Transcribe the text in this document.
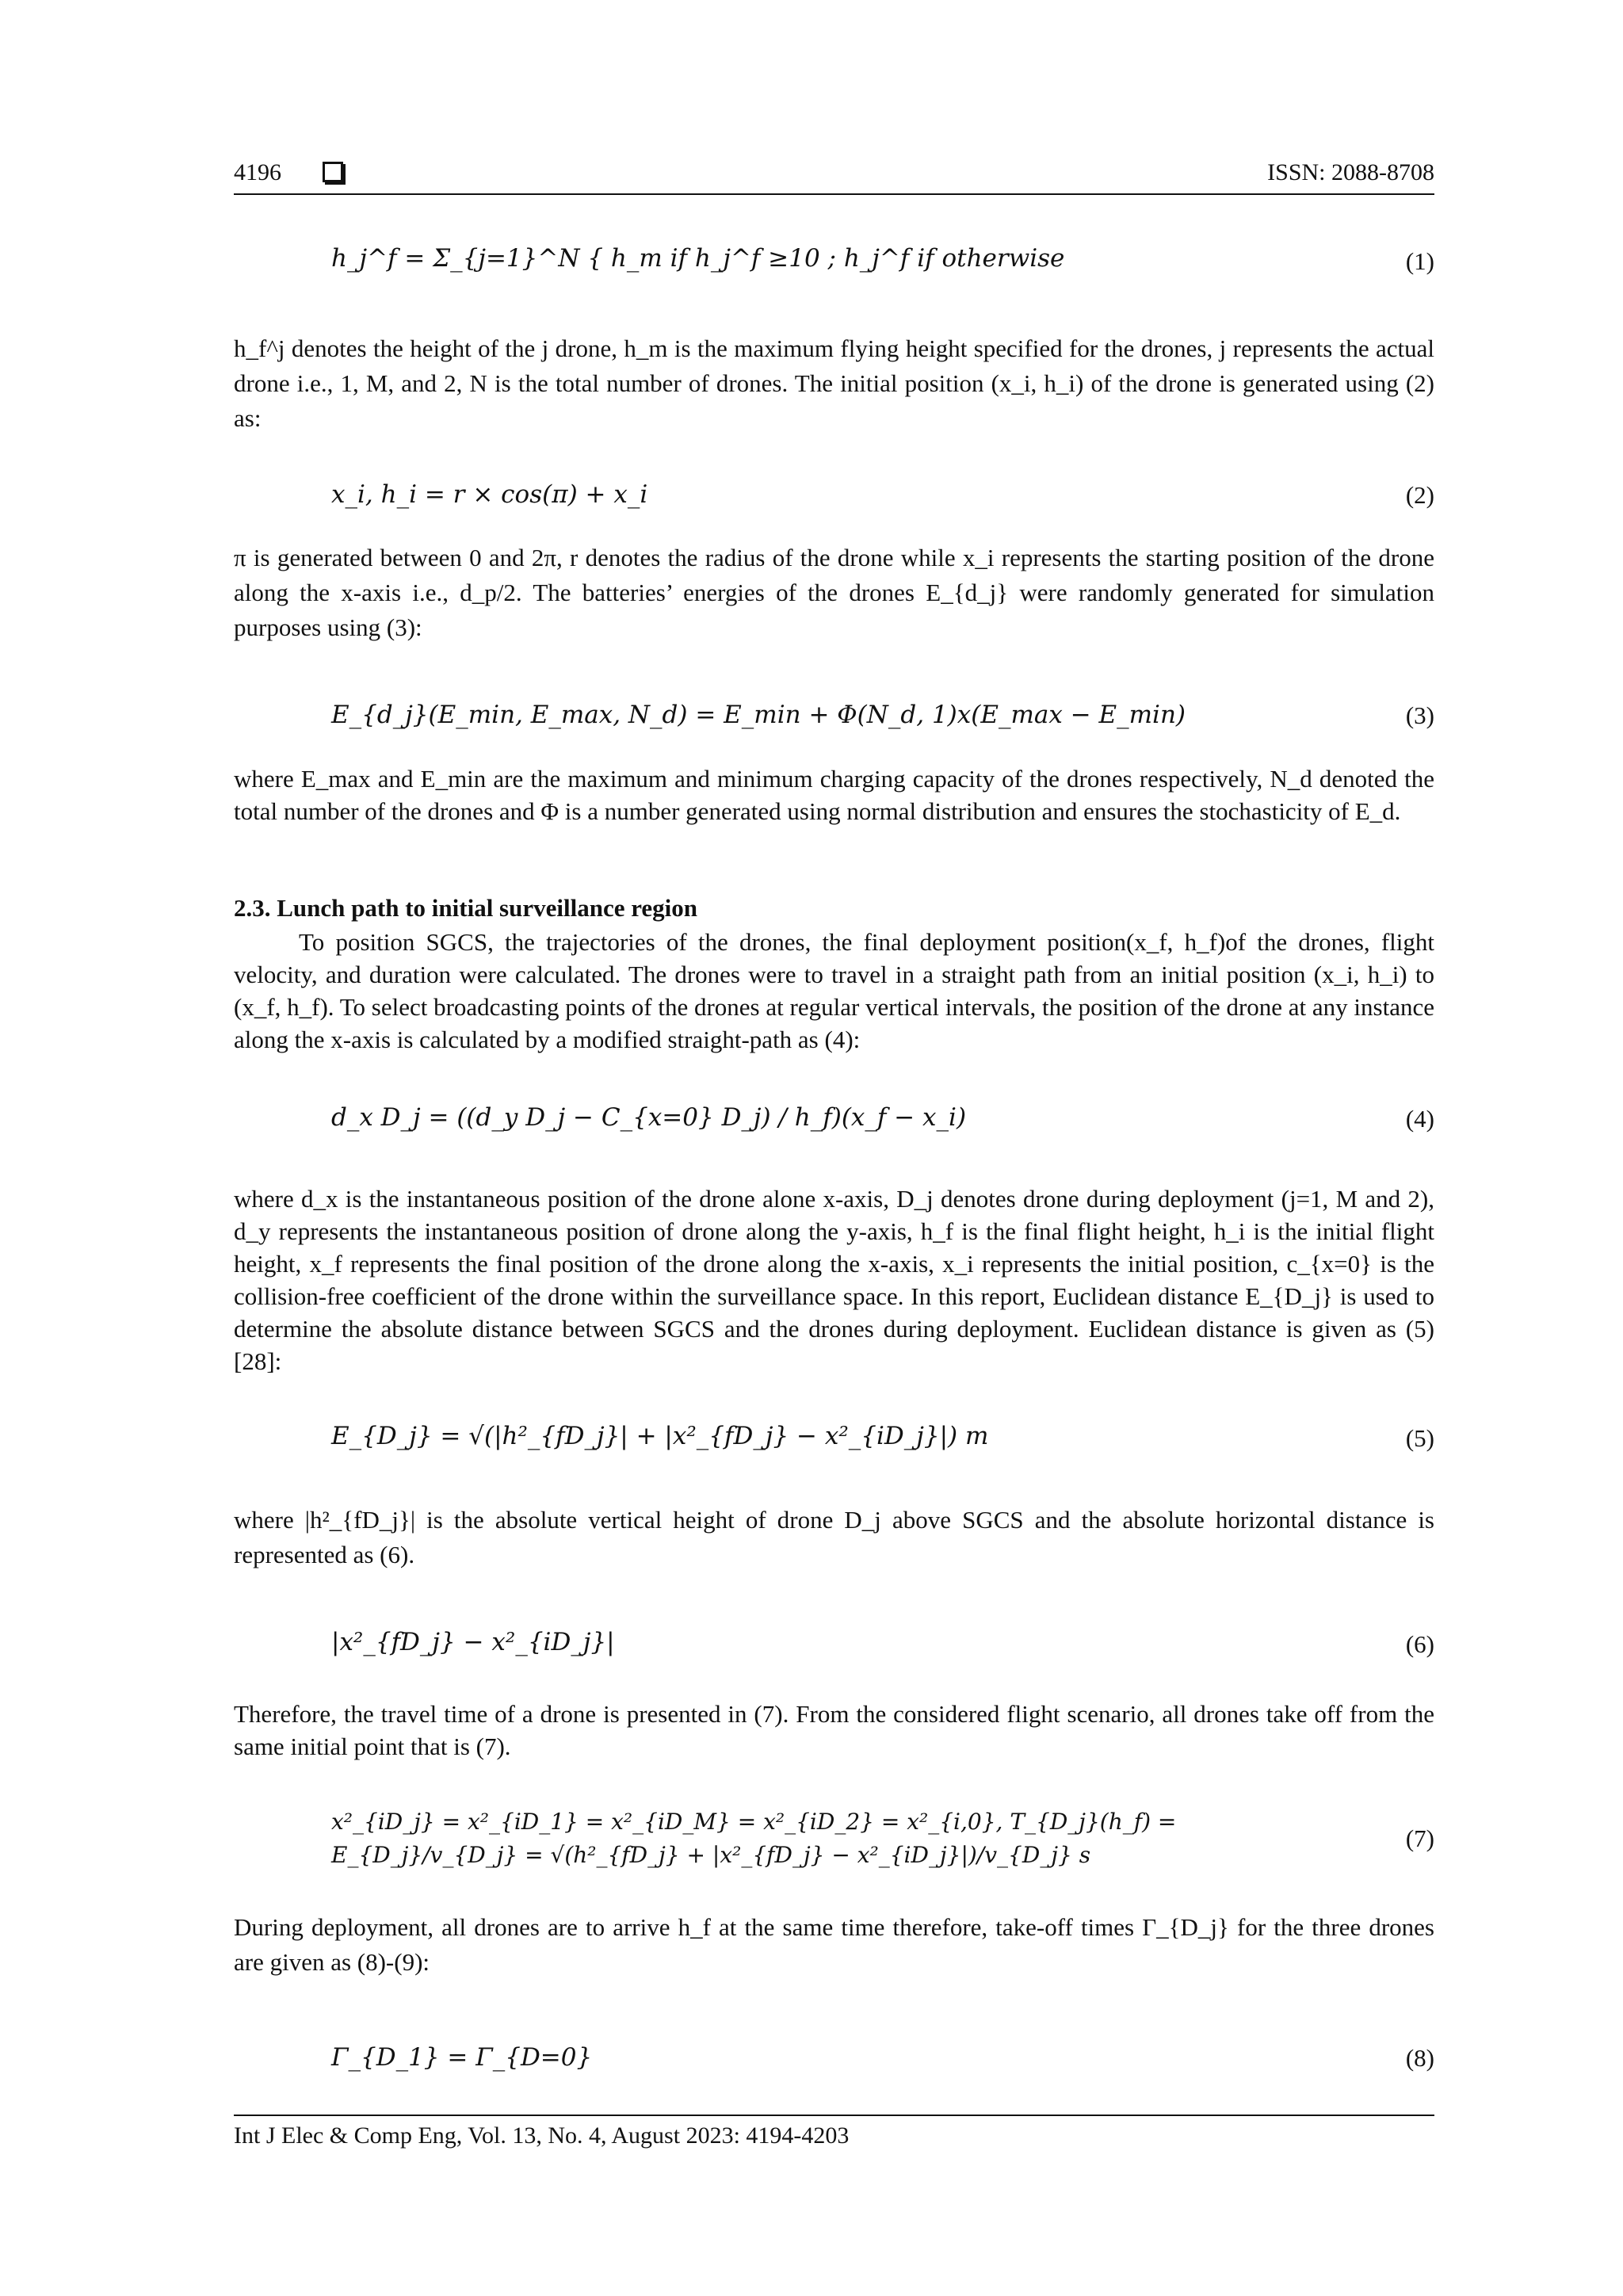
4196	ISSN: 2088-8708
h_j^f = Σ_{j=1}^N { h_m if h_j^f ≥10 ; h_j^f if otherwise	(1)
h_f^j denotes the height of the j drone, h_m is the maximum flying height specified for the drones, j represents the actual drone i.e., 1, M, and 2, N is the total number of drones. The initial position (x_i, h_i) of the drone is generated using (2) as:
x_i, h_i = r × cos(π) + x_i	(2)
π is generated between 0 and 2π, r denotes the radius of the drone while x_i represents the starting position of the drone along the x-axis i.e., d_p/2. The batteries’ energies of the drones E_{d_j} were randomly generated for simulation purposes using (3):
E_{d_j}(E_min, E_max, N_d) = E_min + Φ(N_d, 1)x(E_max − E_min)	(3)
where E_max and E_min are the maximum and minimum charging capacity of the drones respectively, N_d denoted the total number of the drones and Φ is a number generated using normal distribution and ensures the stochasticity of E_d.
2.3. Lunch path to initial surveillance region
To position SGCS, the trajectories of the drones, the final deployment position(x_f, h_f)of the drones, flight velocity, and duration were calculated. The drones were to travel in a straight path from an initial position (x_i, h_i) to (x_f, h_f). To select broadcasting points of the drones at regular vertical intervals, the position of the drone at any instance along the x-axis is calculated by a modified straight-path as (4):
d_x D_j = ((d_y D_j − C_{x=0} D_j) / h_f)(x_f − x_i)	(4)
where d_x is the instantaneous position of the drone alone x-axis, D_j denotes drone during deployment (j=1, M and 2), d_y represents the instantaneous position of drone along the y-axis, h_f is the final flight height, h_i is the initial flight height, x_f represents the final position of the drone along the x-axis, x_i represents the initial position, c_{x=0} is the collision-free coefficient of the drone within the surveillance space. In this report, Euclidean distance E_{D_j} is used to determine the absolute distance between SGCS and the drones during deployment. Euclidean distance is given as (5) [28]:
E_{D_j} = √(|h²_{fD_j}| + |x²_{fD_j} − x²_{iD_j}|) m	(5)
where |h²_{fD_j}| is the absolute vertical height of drone D_j above SGCS and the absolute horizontal distance is represented as (6).
|x²_{fD_j} − x²_{iD_j}|	(6)
Therefore, the travel time of a drone is presented in (7). From the considered flight scenario, all drones take off from the same initial point that is (7).
x²_{iD_j} = x²_{iD_1} = x²_{iD_M} = x²_{iD_2} = x²_{i,0}, T_{D_j}(h_f) = E_{D_j}/v_{D_j} = √(h²_{fD_j} + |x²_{fD_j} − x²_{iD_j}|)/v_{D_j} s
(7)
During deployment, all drones are to arrive h_f at the same time therefore, take-off times Γ_{D_j} for the three drones are given as (8)-(9):
Γ_{D_1} = Γ_{D=0}	(8)
Int J Elec & Comp Eng, Vol. 13, No. 4, August 2023: 4194-4203
